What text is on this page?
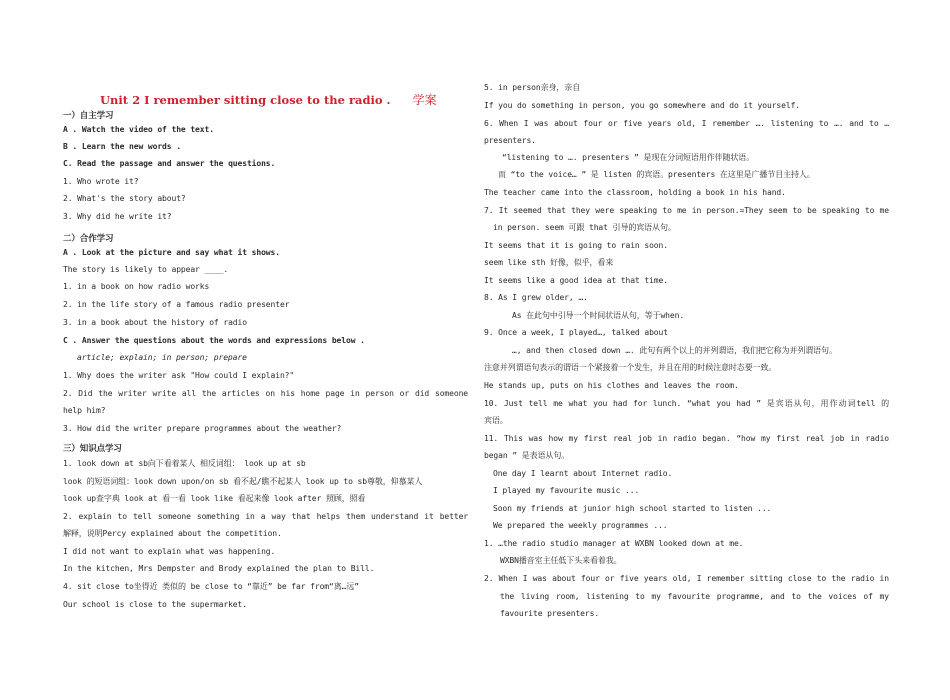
Unit 2 I remember sitting close to the radio . 学案
一）自主学习
A . Watch the video of the text.
B . Learn the new words .
C. Read the passage and answer the questions.
1. Who wrote it?
2. What's the story about?
3. Why did he write it?
二）合作学习
A . Look at the picture and say what it shows.
The story is likely to appear ____.
1. in a book on how radio works
2. in the life story of a famous radio presenter
3. in a book about the history of radio
C . Answer the questions about the words and expressions below .
article; explain; in person; prepare
1. Why does the writer ask "How could I explain?"
2. Did the writer write all the articles on his home page in person or did someone
help him?
3. How did the writer prepare programmes about the weather?
三）知识点学习
1. look down at sb向下看着某人 相反词组： look up at sb
look 的短语词组：look down upon/on sb 看不起/瞧不起某人 look up to sb尊敬，仰慕某人
look up查字典 look at 看一看 look like 看起来像 look after 照顾，照看
2. explain to tell someone something in a way that helps them understand it better
解释，说明Percy explained about the competition.
I did not want to explain what was happening.
In the kitchen, Mrs Dempster and Brody explained the plan to Bill.
4. sit close to坐得近 类似的 be close to “靠近” be far from“离…远”
Our school is close to the supermarket.
5. in person亲身，亲自
If you do something in person, you go somewhere and do it yourself.
6. When I was about four or five years old, I remember …. listening to …. and to …
presenters.
“listening to …. presenters ” 是现在分词短语用作伴随状语。
而 “to the voice… ” 是 listen 的宾语。presenters 在这里是广播节目主持人。
The teacher came into the classroom, holding a book in his hand.
7. It seemed that they were speaking to me in person.=They seem to be speaking to me
in person. seem 可跟 that 引导的宾语从句。
It seems that it is going to rain soon.
seem like sth 好像，似乎，看来
It seems like a good idea at that time.
8. As I grew older, ….
As 在此句中引导一个时间状语从句，等于when.
9. Once a week, I played…, talked about
…, and then closed down …. 此句有两个以上的并列谓语，我们把它称为并列谓语句。
注意并列谓语句表示的谓语一个紧接着一个发生，并且在用的时候注意时态要一致。
He stands up, puts on his clothes and leaves the room.
10. Just tell me what you had for lunch. “what you had ” 是宾语从句，用作动词tell 的
宾语。
11. This was how my first real job in radio began. “how my first real job in radio
began ” 是表语从句。
One day I learnt about Internet radio.
I played my favourite music ...
Soon my friends at junior high school started to listen ...
We prepared the weekly programmes ...
1. …the radio studio manager at WXBN looked down at me.
WXBN播音室主任低下头来看着我。
2. When I was about four or five years old, I remember sitting close to the radio in
the living room, listening to my favourite programme, and to the voices of my
favourite presenters.
